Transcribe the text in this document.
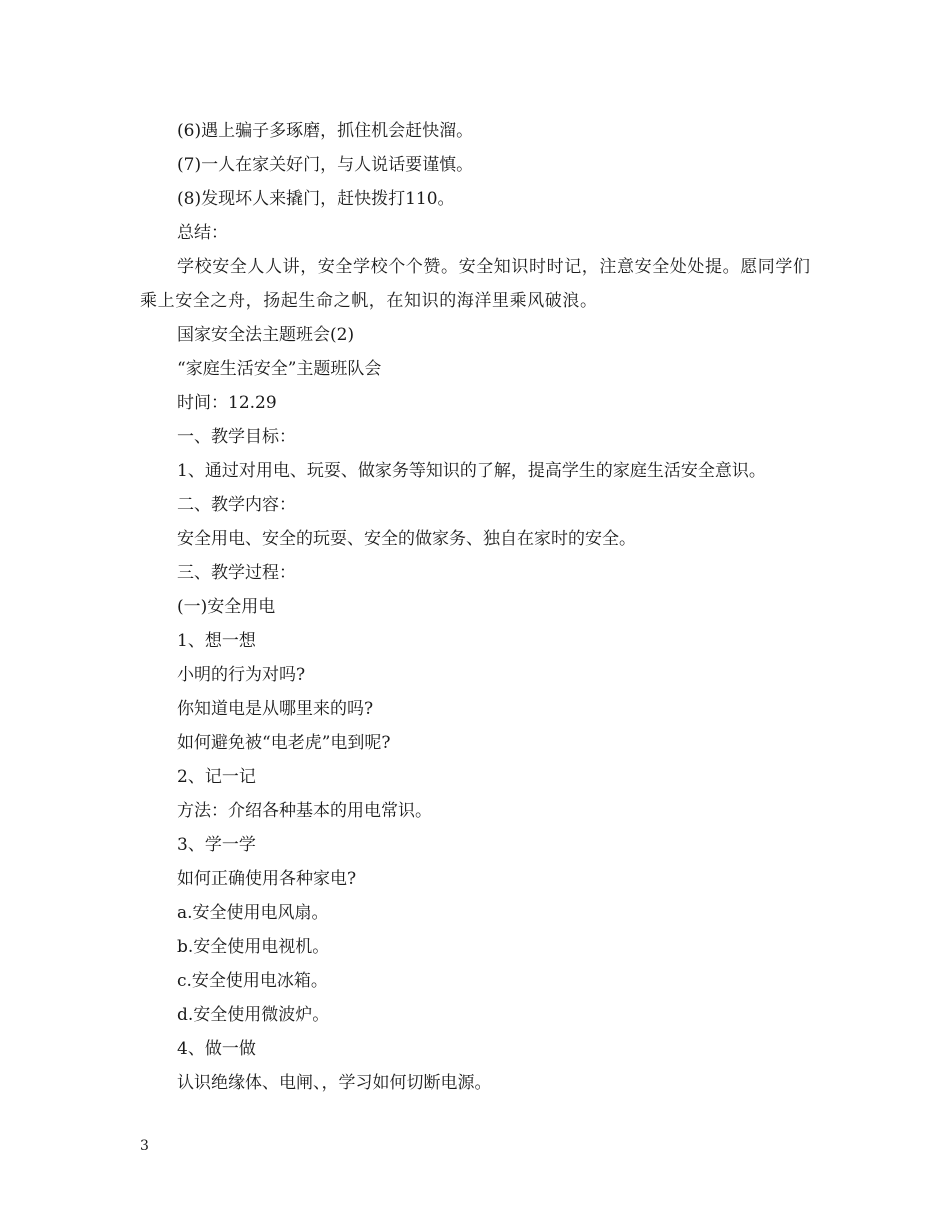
(6)遇上骗子多琢磨，抓住机会赶快溜。
(7)一人在家关好门，与人说话要谨慎。
(8)发现坏人来撬门，赶快拨打110。
总结：
学校安全人人讲，安全学校个个赞。安全知识时时记，注意安全处处提。愿同学们乘上安全之舟，扬起生命之帆，在知识的海洋里乘风破浪。
国家安全法主题班会(2)
“家庭生活安全”主题班队会
时间：12.29
一、教学目标：
1、通过对用电、玩耍、做家务等知识的了解，提高学生的家庭生活安全意识。
二、教学内容：
安全用电、安全的玩耍、安全的做家务、独自在家时的安全。
三、教学过程：
(一)安全用电
1、想一想
小明的行为对吗?
你知道电是从哪里来的吗?
如何避免被“电老虎”电到呢?
2、记一记
方法：介绍各种基本的用电常识。
3、学一学
如何正确使用各种家电?
a.安全使用电风扇。
b.安全使用电视机。
c.安全使用电冰箱。
d.安全使用微波炉。
4、做一做
认识绝缘体、电闸、，学习如何切断电源。
3
